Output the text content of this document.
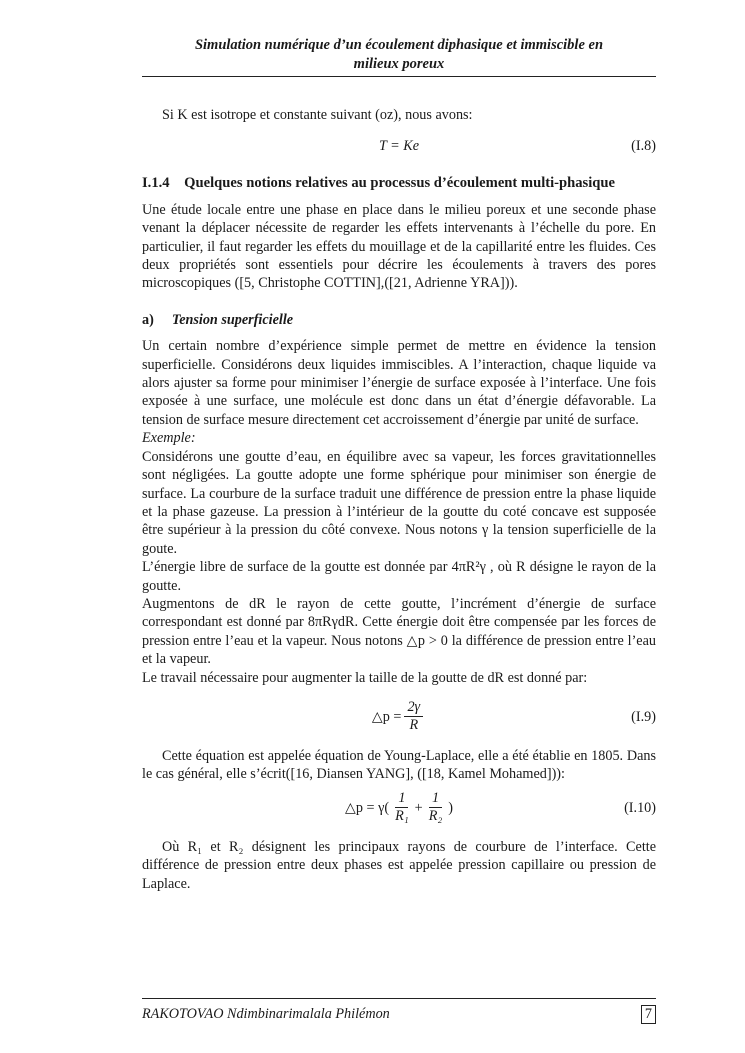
Simulation numérique d’un écoulement diphasique et immiscible en
milieux poreux

Si K est isotrope et constante suivant (oz), nous avons:

T = Ke	(I.8)
I.1.4 Quelques notions relatives au processus d’écoulement multi-phasique

Une étude locale entre une phase en place dans le milieu poreux et une seconde phase venant la déplacer nécessite de regarder les effets intervenants à l’échelle du pore. En particulier, il faut regarder les effets du mouillage et de la capillarité entre les fluides. Ces deux propriétés sont essentiels pour décrire les écoulements à travers des pores microscopiques ([5, Christophe COTTIN],([21, Adrienne YRA])).

a) Tension superficielle

Un certain nombre d’expérience simple permet de mettre en évidence la tension superficielle. Considérons deux liquides immiscibles. A l’interaction, chaque liquide va alors ajuster sa forme pour minimiser l’énergie de surface exposée à l’interface. Une fois exposée à une surface, une molécule est donc dans un état d’énergie défavorable. La tension de surface mesure directement cet accroissement d’énergie par unité de surface.

Exemple:

Considérons une goutte d’eau, en équilibre avec sa vapeur, les forces gravitationnelles sont négligées. La goutte adopte une forme sphérique pour minimiser son énergie de surface. La courbure de la surface traduit une différence de pression entre la phase liquide et la phase gazeuse. La pression à l’intérieur de la goutte du coté concave est supposée être supérieur à la pression du côté convexe. Nous notons γ la tension superficielle de la goute.

L’énergie libre de surface de la goutte est donnée par 4πR²γ , où R désigne le rayon de la goutte.

Augmentons de dR le rayon de cette goutte, l’incrément d’énergie de surface correspondant est donné par 8πRγdR. Cette énergie doit être compensée par les forces de pression entre l’eau et la vapeur. Nous notons △p > 0 la différence de pression entre l’eau et la vapeur.

Le travail nécessaire pour augmenter la taille de la goutte de dR est donné par:

△p = $\frac{2\gamma}{R}$	(I.9)

Cette équation est appelée équation de Young-Laplace, elle a été établie en 1805. Dans le cas général, elle s’écrit([16, Diansen YANG], ([18, Kamel Mohamed])):

△p = $\gamma( \frac{1}{\text{R₁}} + \frac{1}{\text{R₂}}$ )	(I.10)

Où R₁ et R₂ désignent les principaux rayons de courbure de l’interface. Cette différence de pression entre deux phases est appelée pression capillaire ou pression de Laplace.

RAKOTOVAO Ndimbinarimalala Philémon	7
